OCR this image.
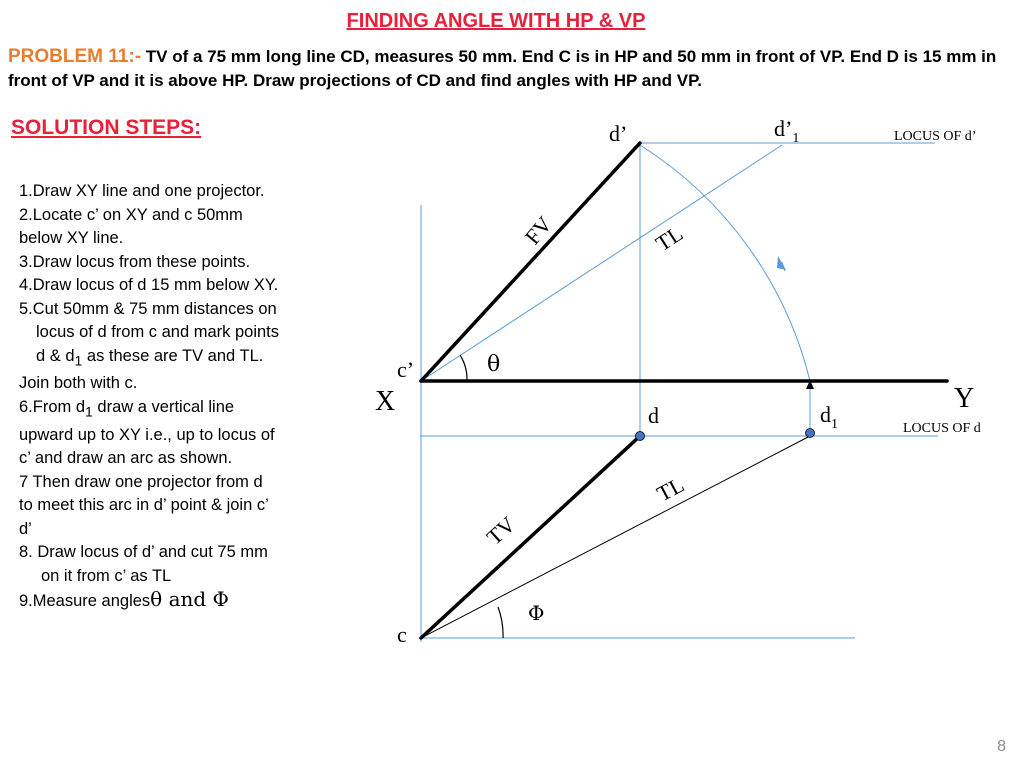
FINDING ANGLE WITH HP & VP
PROBLEM 11:- TV of a 75 mm long line CD, measures 50 mm. End C is in HP and 50 mm in front of VP. End D is 15 mm in front of VP and it is above HP. Draw projections of CD and find angles with HP and VP.
SOLUTION STEPS:
1.Draw XY line and one projector.
2.Locate c’ on XY and c 50mm
below XY line.
3.Draw locus from these points.
4.Draw locus of d 15 mm below XY.
5.Cut 50mm & 75 mm distances on
locus of d from c and mark points
d & $d_1$ as these are TV and TL.
Join both with c.
6.From $d_1$ draw a vertical line
upward up to XY i.e., up to locus of
c’ and draw an arc as shown.
7 Then draw one projector from d
to meet this arc in d’ point & join c’
d’
8. Draw locus of d’ and cut 75 mm
on it from c’ as TL
9.Measure anglesθ and Φ
X	Y
c’
c
d’	$d’_1$
d	$d_1$
LOCUS OF d’
LOCUS OF d
FV	TL
TL
TV
θ
Φ
8
